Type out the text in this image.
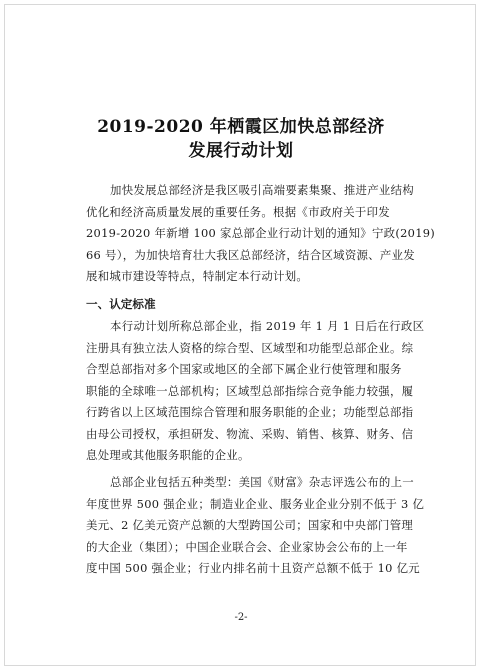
2019-2020 年栖霞区加快总部经济
发展行动计划
加快发展总部经济是我区吸引高端要素集聚、推进产业结构
优化和经济高质量发展的重要任务。根据《市政府关于印发
2019-2020 年新增 100 家总部企业行动计划的通知》宁政(2019)
66 号），为加快培育壮大我区总部经济，结合区域资源、产业发
展和城市建设等特点，特制定本行动计划。
一、认定标准
本行动计划所称总部企业，指 2019 年 1 月 1 日后在行政区
注册具有独立法人资格的综合型、区域型和功能型总部企业。综
合型总部指对多个国家或地区的全部下属企业行使管理和服务
职能的全球唯一总部机构；区域型总部指综合竞争能力较强，履
行跨省以上区域范围综合管理和服务职能的企业；功能型总部指
由母公司授权，承担研发、物流、采购、销售、核算、财务、信
息处理或其他服务职能的企业。
总部企业包括五种类型：美国《财富》杂志评选公布的上一
年度世界 500 强企业；制造业企业、服务业企业分别不低于 3 亿
美元、2 亿美元资产总额的大型跨国公司；国家和中央部门管理
的大企业（集团）；中国企业联合会、企业家协会公布的上一年
度中国 500 强企业；行业内排名前十且资产总额不低于 10 亿元
-2-
